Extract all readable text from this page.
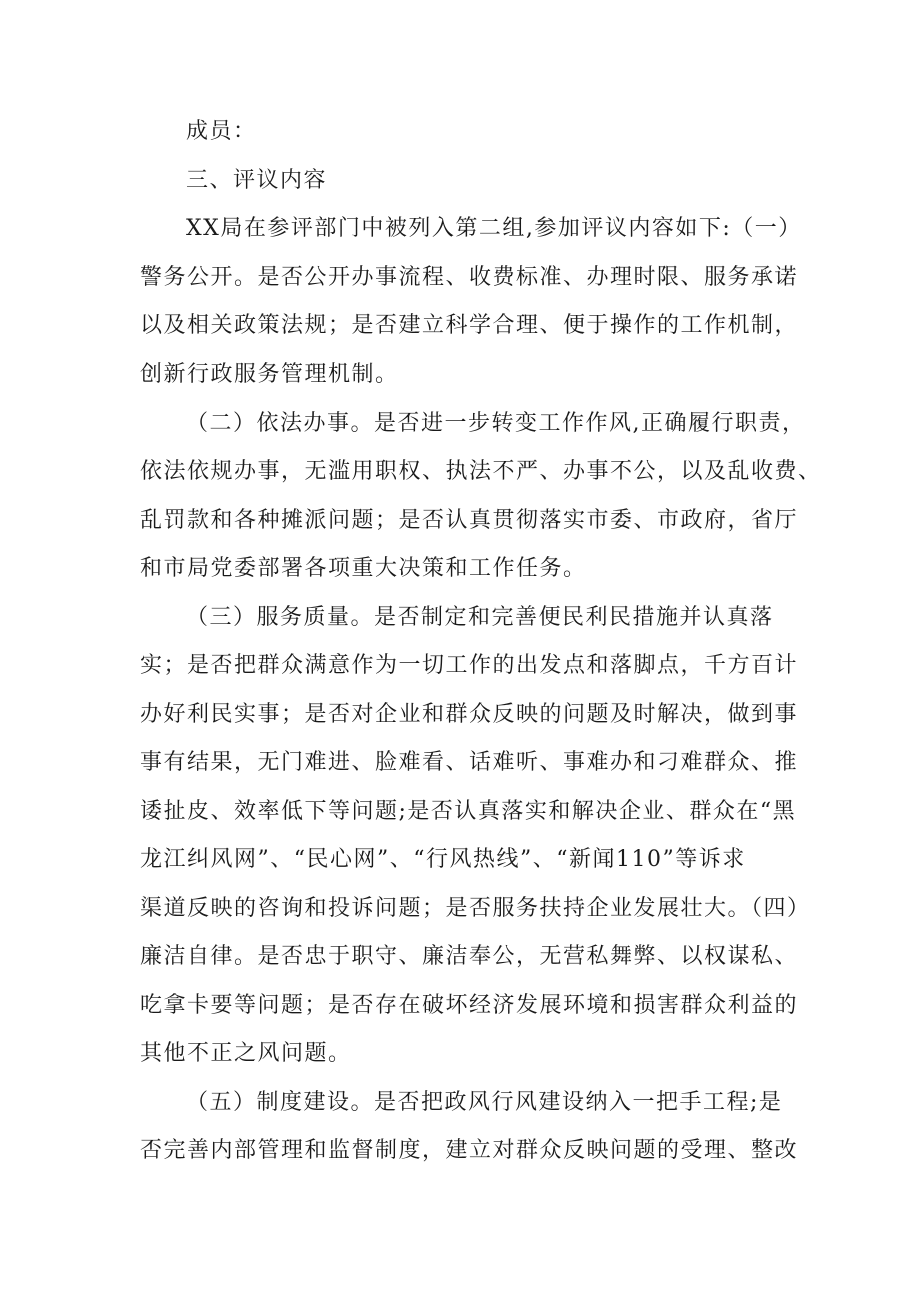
成员：
三、评议内容
XX局在参评部门中被列入第二组,参加评议内容如下:（一）
警务公开。是否公开办事流程、收费标准、办理时限、服务承诺
以及相关政策法规；是否建立科学合理、便于操作的工作机制，
创新行政服务管理机制。
（二）依法办事。是否进一步转变工作作风,正确履行职责，
依法依规办事，无滥用职权、执法不严、办事不公，以及乱收费、
乱罚款和各种摊派问题；是否认真贯彻落实市委、市政府，省厅
和市局党委部署各项重大决策和工作任务。
（三）服务质量。是否制定和完善便民利民措施并认真落
实；是否把群众满意作为一切工作的出发点和落脚点，千方百计
办好利民实事；是否对企业和群众反映的问题及时解决，做到事
事有结果，无门难进、脸难看、话难听、事难办和刁难群众、推
诿扯皮、效率低下等问题;是否认真落实和解决企业、群众在“黑
龙江纠风网”、“民心网”、“行风热线”、“新闻110”等诉求
渠道反映的咨询和投诉问题；是否服务扶持企业发展壮大。（四）
廉洁自律。是否忠于职守、廉洁奉公，无营私舞弊、以权谋私、
吃拿卡要等问题；是否存在破坏经济发展环境和损害群众利益的
其他不正之风问题。
（五）制度建设。是否把政风行风建设纳入一把手工程;是
否完善内部管理和监督制度，建立对群众反映问题的受理、整改
